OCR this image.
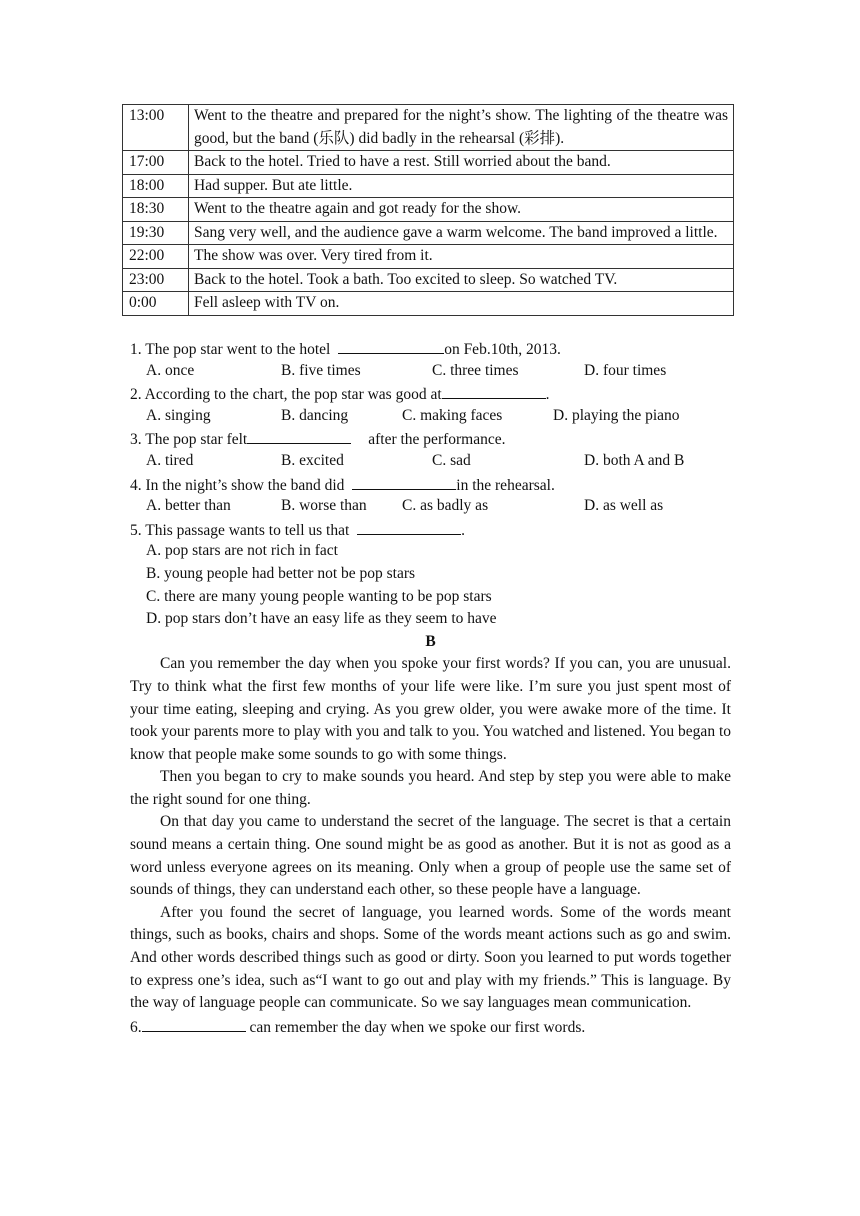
13:00	Went to the theatre and prepared for the night’s show. The lighting of the theatre was good, but the band (乐队) did badly in the rehearsal (彩排).
17:00	Back to the hotel. Tried to have a rest. Still worried about the band.
18:00	Had supper. But ate little.
18:30	Went to the theatre again and got ready for the show.
19:30	Sang very well, and the audience gave a warm welcome. The band improved a little.
22:00	The show was over. Very tired from it.
23:00	Back to the hotel. Took a bath. Too excited to sleep. So watched TV.
0:00	Fell asleep with TV on.
1. The pop star went to the hotel	on Feb.10th, 2013.
A. once	B. five times	C. three times	D. four times
2. According to the chart, the pop star was good at	.
A. singing	B. dancing	C. making faces	D. playing the piano
3. The pop star felt	after the performance.
A. tired	B. excited	C. sad	D. both A and B
4. In the night’s show the band did	in the rehearsal.
A. better than	B. worse than	C. as badly as	D. as well as
5. This passage wants to tell us that	.
A. pop stars are not rich in fact
B. young people had better not be pop stars
C. there are many young people wanting to be pop stars
D. pop stars don’t have an easy life as they seem to have
B

Can you remember the day when you spoke your first words? If you can, you are unusual. Try to think what the first few months of your life were like. I’m sure you just spent most of your time eating, sleeping and crying. As you grew older, you were awake more of the time. It took your parents more to play with you and talk to you. You watched and listened. You began to know that people make some sounds to go with some things.

Then you began to cry to make sounds you heard. And step by step you were able to make the right sound for one thing.

On that day you came to understand the secret of the language. The secret is that a certain sound means a certain thing. One sound might be as good as another. But it is not as good as a word unless everyone agrees on its meaning. Only when a group of people use the same set of sounds of things, they can understand each other, so these people have a language.

After you found the secret of language, you learned words. Some of the words meant things, such as books, chairs and shops. Some of the words meant actions such as go and swim. And other words described things such as good or dirty. Soon you learned to put words together to express one’s idea, such as“I want to go out and play with my friends.” This is language. By the way of language people can communicate. So we say languages mean communication.

6.	can remember the day when we spoke our first words.
